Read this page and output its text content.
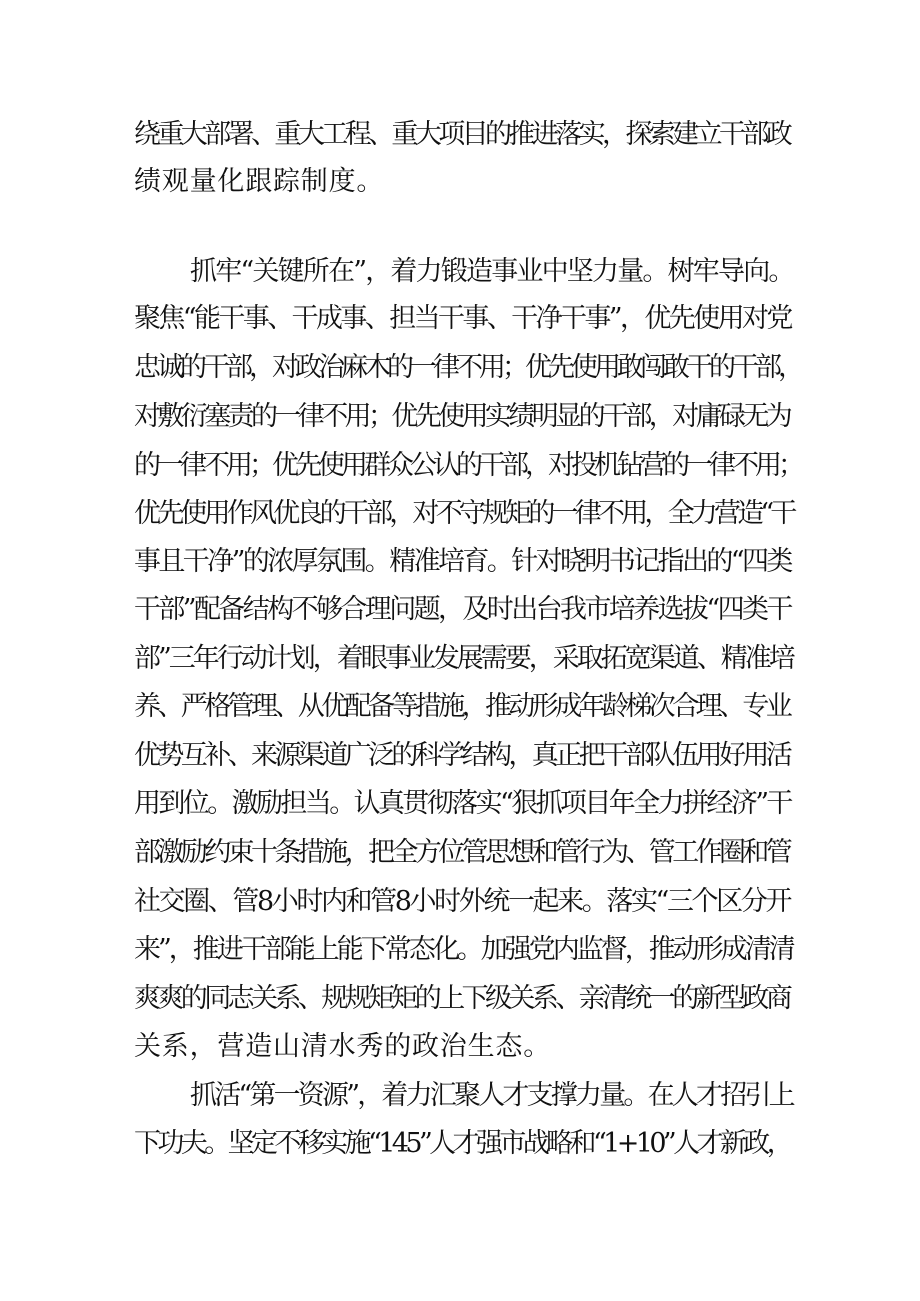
绕重大部署、重大工程、重大项目的推进落实，探索建立干部政
绩观量化跟踪制度。
抓牢“关键所在”，着力锻造事业中坚力量。树牢导向。
聚焦“能干事、干成事、担当干事、干净干事”，优先使用对党
忠诚的干部，对政治麻木的一律不用；优先使用敢闯敢干的干部，
对敷衍塞责的一律不用；优先使用实绩明显的干部，对庸碌无为
的一律不用；优先使用群众公认的干部，对投机钻营的一律不用；
优先使用作风优良的干部，对不守规矩的一律不用，全力营造“干
事且干净”的浓厚氛围。精准培育。针对晓明书记指出的“四类
干部”配备结构不够合理问题，及时出台我市培养选拔“四类干
部”三年行动计划，着眼事业发展需要，采取拓宽渠道、精准培
养、严格管理、从优配备等措施，推动形成年龄梯次合理、专业
优势互补、来源渠道广泛的科学结构，真正把干部队伍用好用活
用到位。激励担当。认真贯彻落实“狠抓项目年全力拼经济”干
部激励约束十条措施，把全方位管思想和管行为、管工作圈和管
社交圈、管8小时内和管8小时外统一起来。落实“三个区分开
来”，推进干部能上能下常态化。加强党内监督，推动形成清清
爽爽的同志关系、规规矩矩的上下级关系、亲清统一的新型政商
关系，营造山清水秀的政治生态。
抓活“第一资源”，着力汇聚人才支撑力量。在人才招引上
下功夫。坚定不移实施“145”人才强市战略和“1+10”人才新政，
